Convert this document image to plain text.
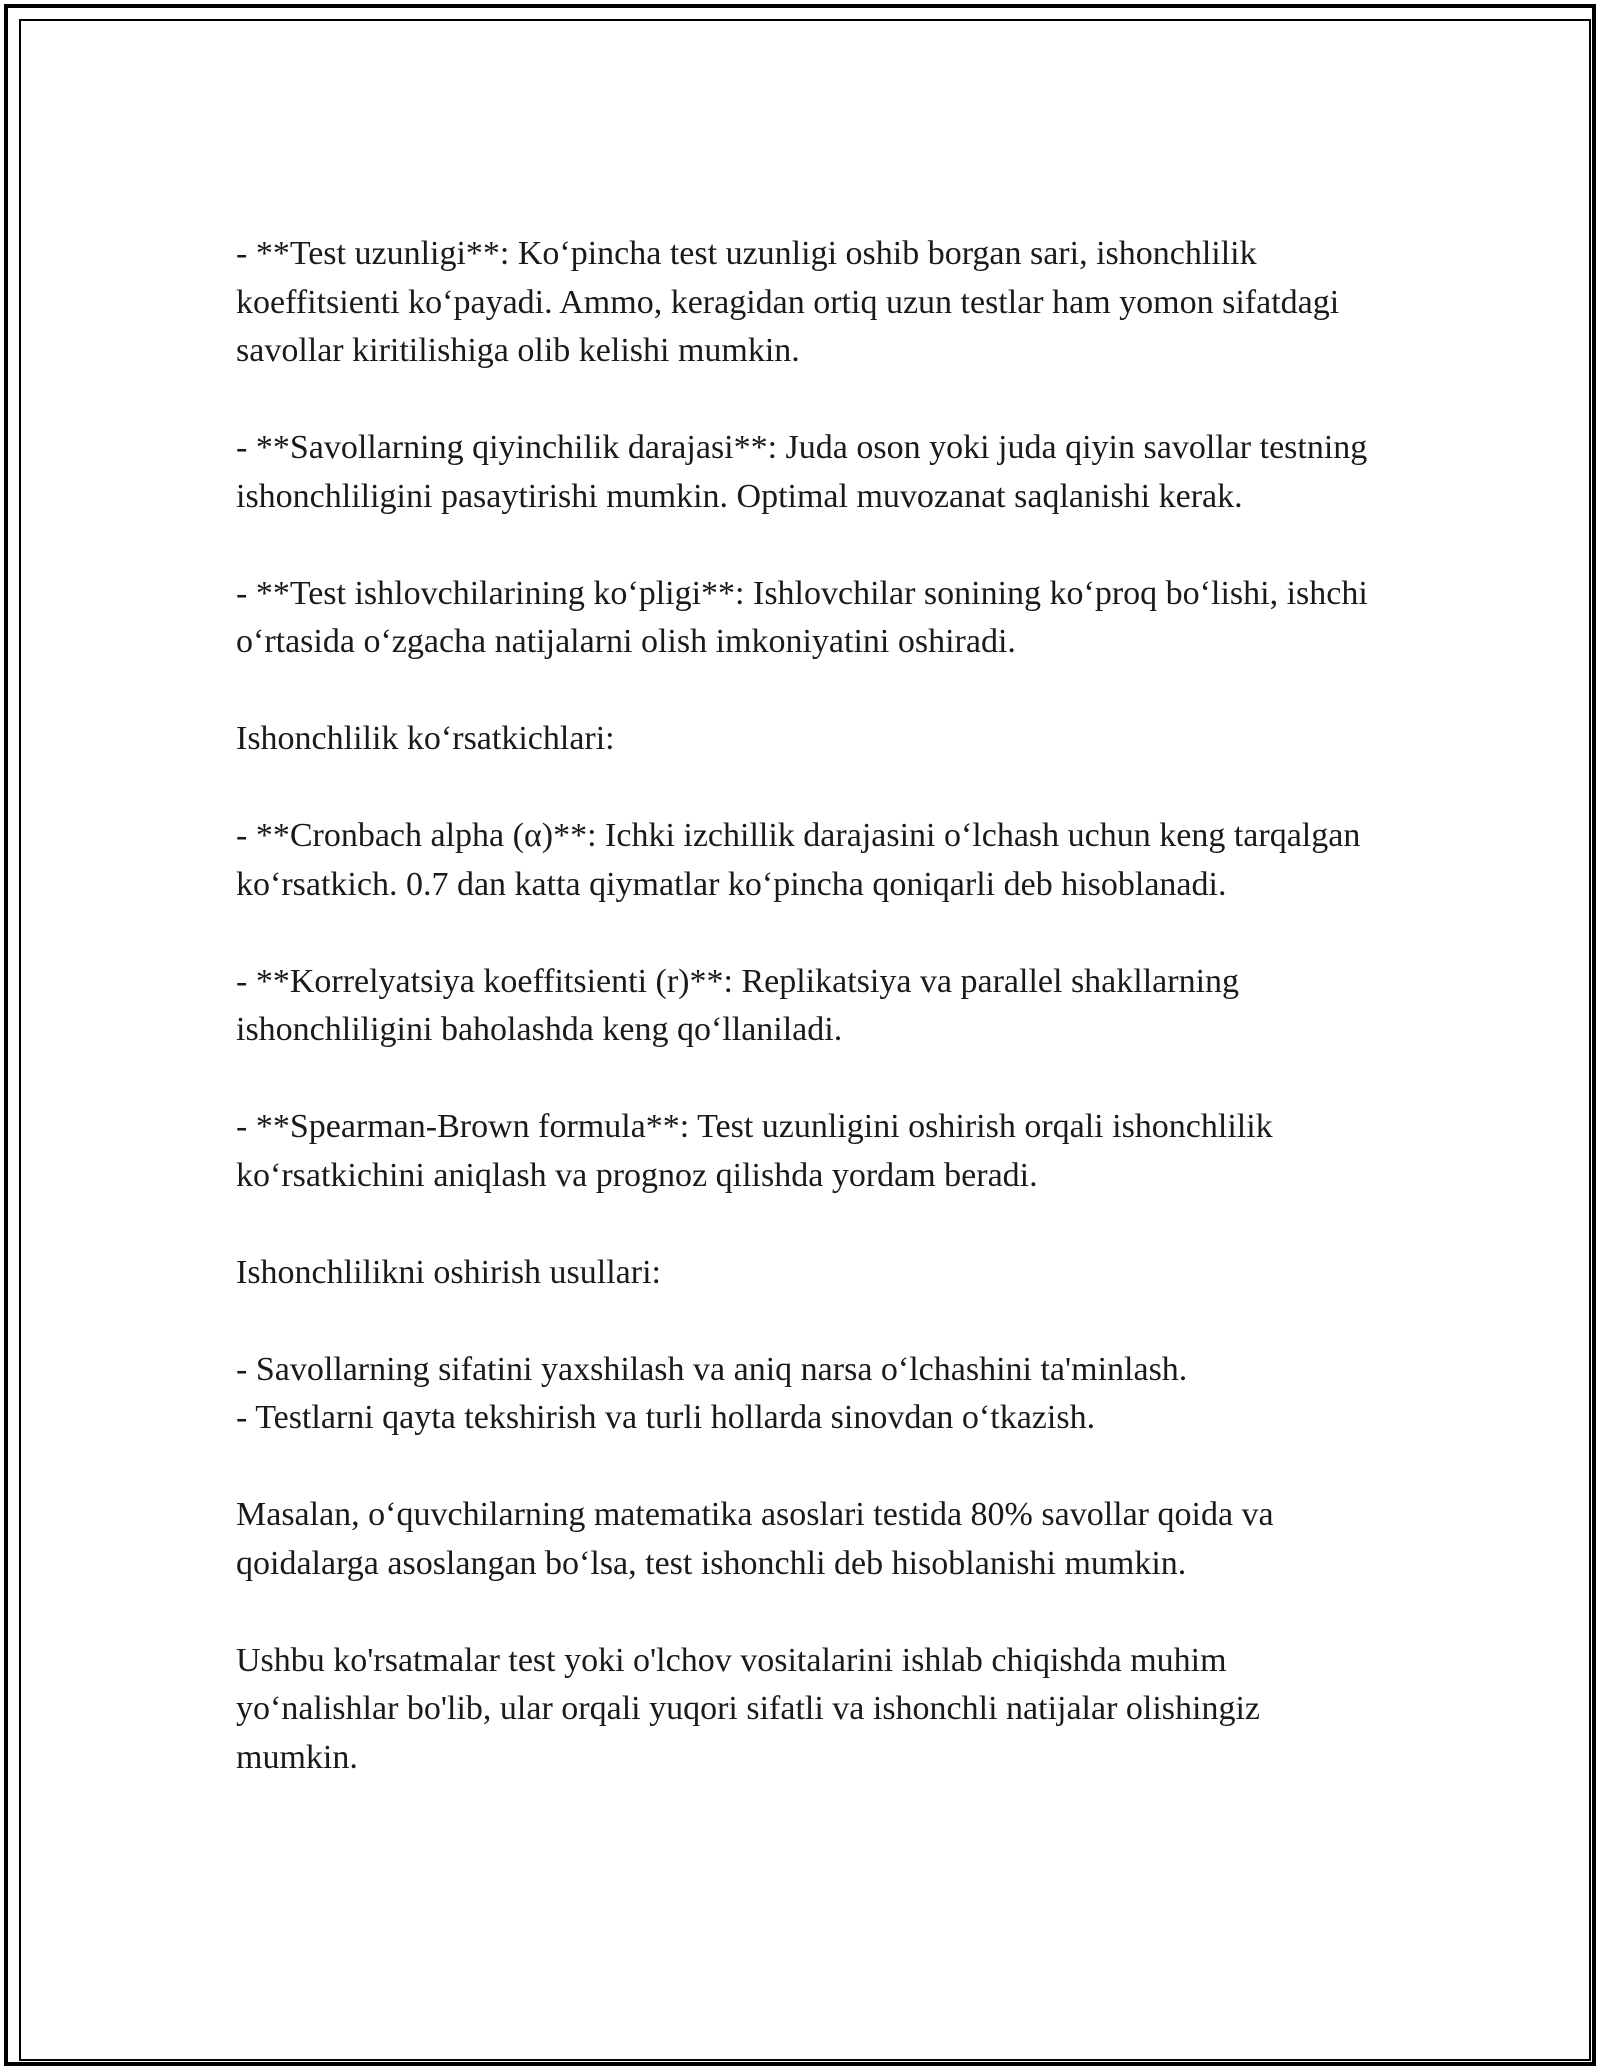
- **Test uzunligi**: Ko‘pincha test uzunligi oshib borgan sari, ishonchlilik koeffitsienti ko‘payadi. Ammo, keragidan ortiq uzun testlar ham yomon sifatdagi savollar kiritilishiga olib kelishi mumkin.

- **Savollarning qiyinchilik darajasi**: Juda oson yoki juda qiyin savollar testning ishonchliligini pasaytirishi mumkin. Optimal muvozanat saqlanishi kerak.

- **Test ishlovchilarining ko‘pligi**: Ishlovchilar sonining ko‘proq bo‘lishi, ishchi o‘rtasida o‘zgacha natijalarni olish imkoniyatini oshiradi.

Ishonchlilik ko‘rsatkichlari:

- **Cronbach alpha (α)**: Ichki izchillik darajasini o‘lchash uchun keng tarqalgan ko‘rsatkich. 0.7 dan katta qiymatlar ko‘pincha qoniqarli deb hisoblanadi.

- **Korrelyatsiya koeffitsienti (r)**: Replikatsiya va parallel shakllarning ishonchliligini baholashda keng qo‘llaniladi.

- **Spearman-Brown formula**: Test uzunligini oshirish orqali ishonchlilik ko‘rsatkichini aniqlash va prognoz qilishda yordam beradi.

Ishonchlilikni oshirish usullari:

- Savollarning sifatini yaxshilash va aniq narsa o‘lchashini ta'minlash.

- Testlarni qayta tekshirish va turli hollarda sinovdan o‘tkazish.

Masalan, o‘quvchilarning matematika asoslari testida 80% savollar qoida va qoidalarga asoslangan bo‘lsa, test ishonchli deb hisoblanishi mumkin.

Ushbu ko'rsatmalar test yoki o'lchov vositalarini ishlab chiqishda muhim yo‘nalishlar bo'lib, ular orqali yuqori sifatli va ishonchli natijalar olishingiz mumkin.
